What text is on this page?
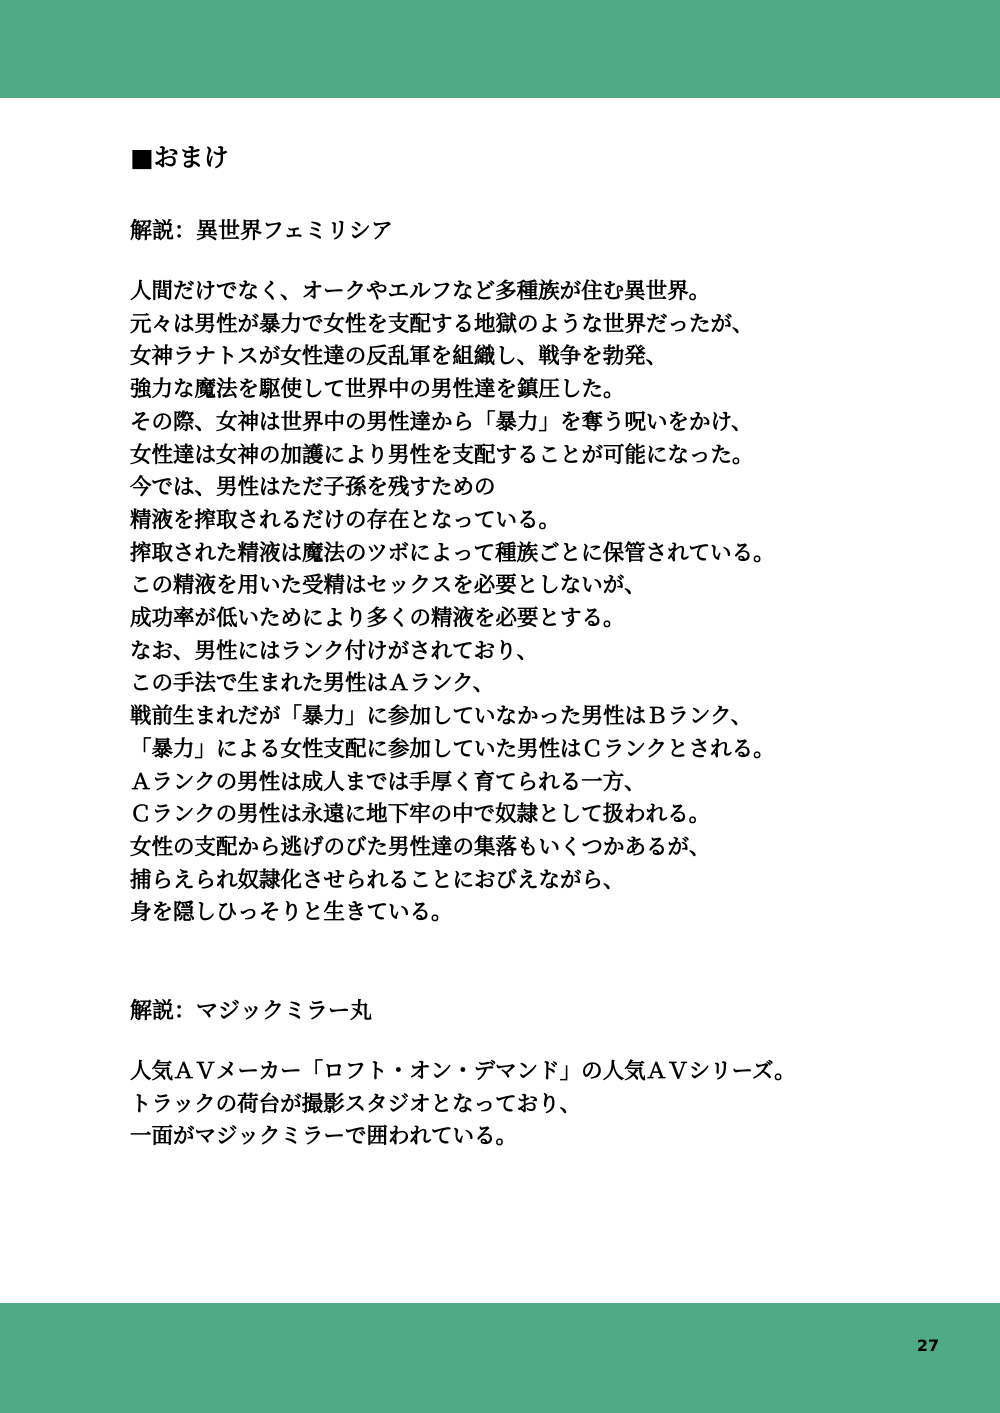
■おまけ
解説：異世界フェミリシア

人間だけでなく、オークやエルフなど多種族が住む異世界。

元々は男性が暴力で女性を支配する地獄のような世界だったが、

女神ラナトスが女性達の反乱軍を組織し、戦争を勃発、

強力な魔法を駆使して世界中の男性達を鎮圧した。

その際、女神は世界中の男性達から「暴力」を奪う呪いをかけ、

女性達は女神の加護により男性を支配することが可能になった。

今では、男性はただ子孫を残すための

精液を搾取されるだけの存在となっている。

搾取された精液は魔法のツボによって種族ごとに保管されている。

この精液を用いた受精はセックスを必要としないが、

成功率が低いためにより多くの精液を必要とする。

なお、男性にはランク付けがされており、

この手法で生まれた男性はＡランク、

戦前生まれだが「暴力」に参加していなかった男性はＢランク、

「暴力」による女性支配に参加していた男性はＣランクとされる。

Ａランクの男性は成人までは手厚く育てられる一方、

Ｃランクの男性は永遠に地下牢の中で奴隷として扱われる。

女性の支配から逃げのびた男性達の集落もいくつかあるが、

捕らえられ奴隷化させられることにおびえながら、

身を隠しひっそりと生きている。

解説：マジックミラー丸

人気ＡＶメーカー「ロフト・オン・デマンド」の人気ＡＶシリーズ。

トラックの荷台が撮影スタジオとなっており、

一面がマジックミラーで囲われている。

27
